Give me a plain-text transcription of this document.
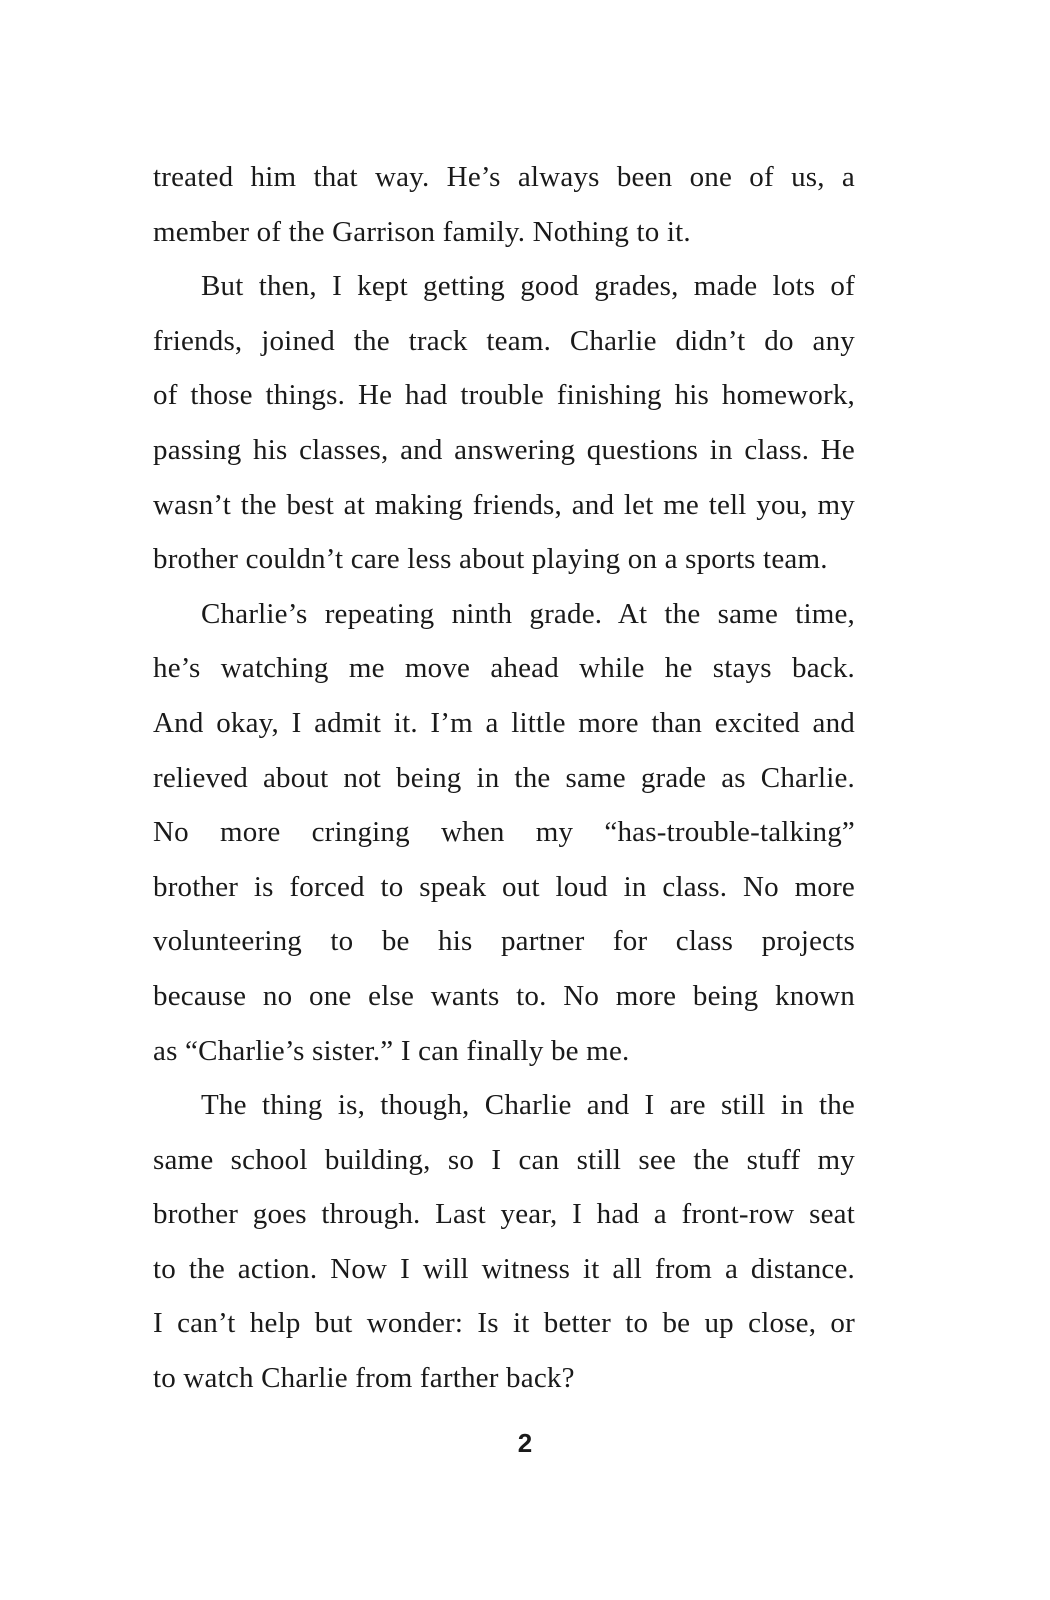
treated him that way. He’s always been one of us, a
member of the Garrison family. Nothing to it.
But then, I kept getting good grades, made lots of
friends, joined the track team. Charlie didn’t do any
of those things. He had trouble finishing his homework,
passing his classes, and answering questions in class. He
wasn’t the best at making friends, and let me tell you, my
brother couldn’t care less about playing on a sports team.
Charlie’s repeating ninth grade. At the same time,
he’s watching me move ahead while he stays back.
And okay, I admit it. I’m a little more than excited and
relieved about not being in the same grade as Charlie.
No more cringing when my “has-trouble-talking”
brother is forced to speak out loud in class. No more
volunteering to be his partner for class projects
because no one else wants to. No more being known
as “Charlie’s sister.” I can finally be me.
The thing is, though, Charlie and I are still in the
same school building, so I can still see the stuff my
brother goes through. Last year, I had a front-row seat
to the action. Now I will witness it all from a distance.
I can’t help but wonder: Is it better to be up close, or
to watch Charlie from farther back?
2
